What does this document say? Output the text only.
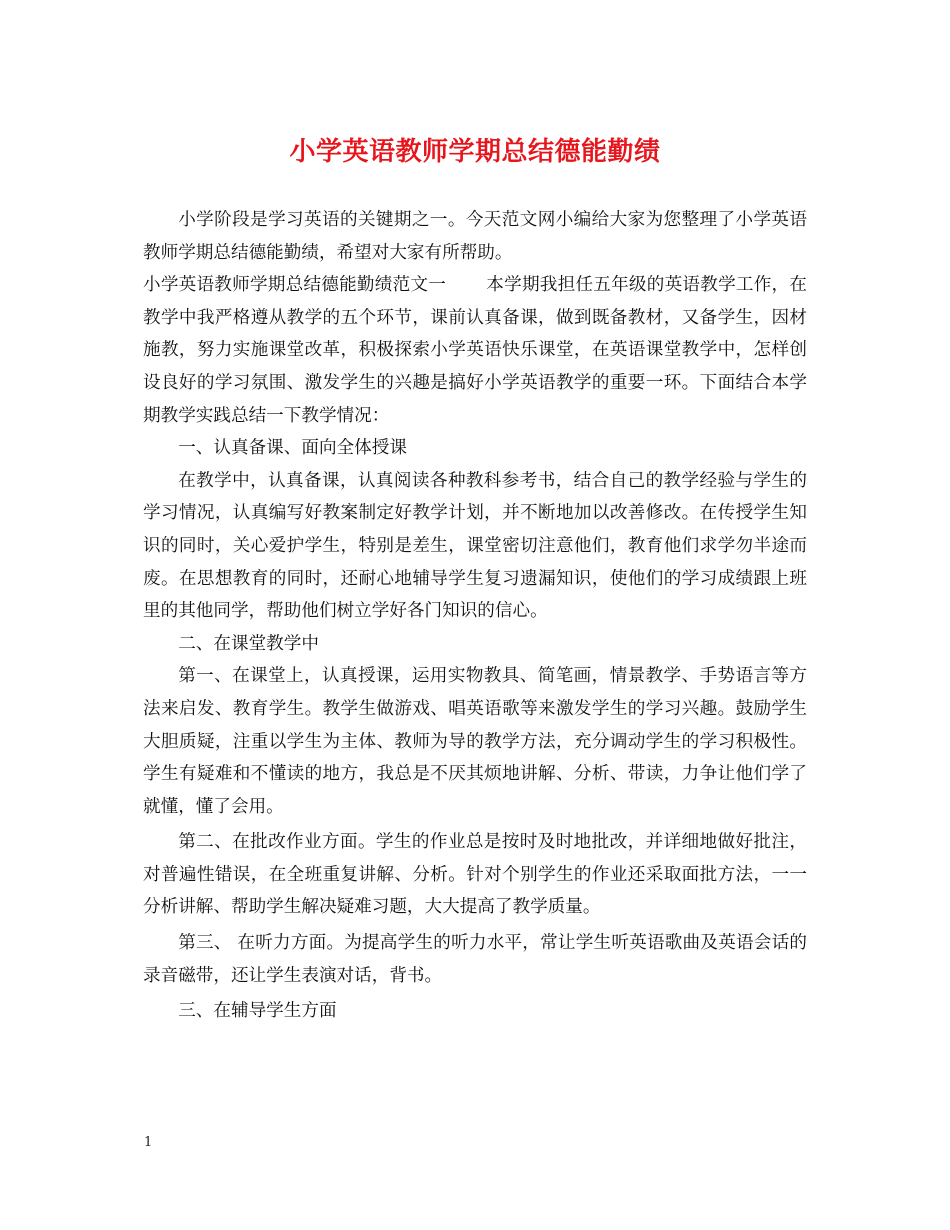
小学英语教师学期总结德能勤绩

小学阶段是学习英语的关键期之一。今天范文网小编给大家为您整理了小学英语教师学期总结德能勤绩，希望对大家有所帮助。

小学英语教师学期总结德能勤绩范文一 本学期我担任五年级的英语教学工作，在教学中我严格遵从教学的五个环节，课前认真备课，做到既备教材，又备学生，因材施教，努力实施课堂改革，积极探索小学英语快乐课堂，在英语课堂教学中，怎样创设良好的学习氛围、激发学生的兴趣是搞好小学英语教学的重要一环。下面结合本学期教学实践总结一下教学情况：

一、认真备课、面向全体授课

在教学中，认真备课，认真阅读各种教科参考书，结合自己的教学经验与学生的学习情况，认真编写好教案制定好教学计划，并不断地加以改善修改。在传授学生知识的同时，关心爱护学生，特别是差生，课堂密切注意他们，教育他们求学勿半途而废。在思想教育的同时，还耐心地辅导学生复习遗漏知识，使他们的学习成绩跟上班里的其他同学，帮助他们树立学好各门知识的信心。

二、在课堂教学中

第一、在课堂上，认真授课，运用实物教具、简笔画，情景教学、手势语言等方法来启发、教育学生。教学生做游戏、唱英语歌等来激发学生的学习兴趣。鼓励学生大胆质疑，注重以学生为主体、教师为导的教学方法，充分调动学生的学习积极性。学生有疑难和不懂读的地方，我总是不厌其烦地讲解、分析、带读，力争让他们学了就懂，懂了会用。

第二、在批改作业方面。学生的作业总是按时及时地批改，并详细地做好批注，对普遍性错误，在全班重复讲解、分析。针对个别学生的作业还采取面批方法，一一分析讲解、帮助学生解决疑难习题，大大提高了教学质量。

第三、 在听力方面。为提高学生的听力水平，常让学生听英语歌曲及英语会话的录音磁带，还让学生表演对话，背书。

三、在辅导学生方面

1
